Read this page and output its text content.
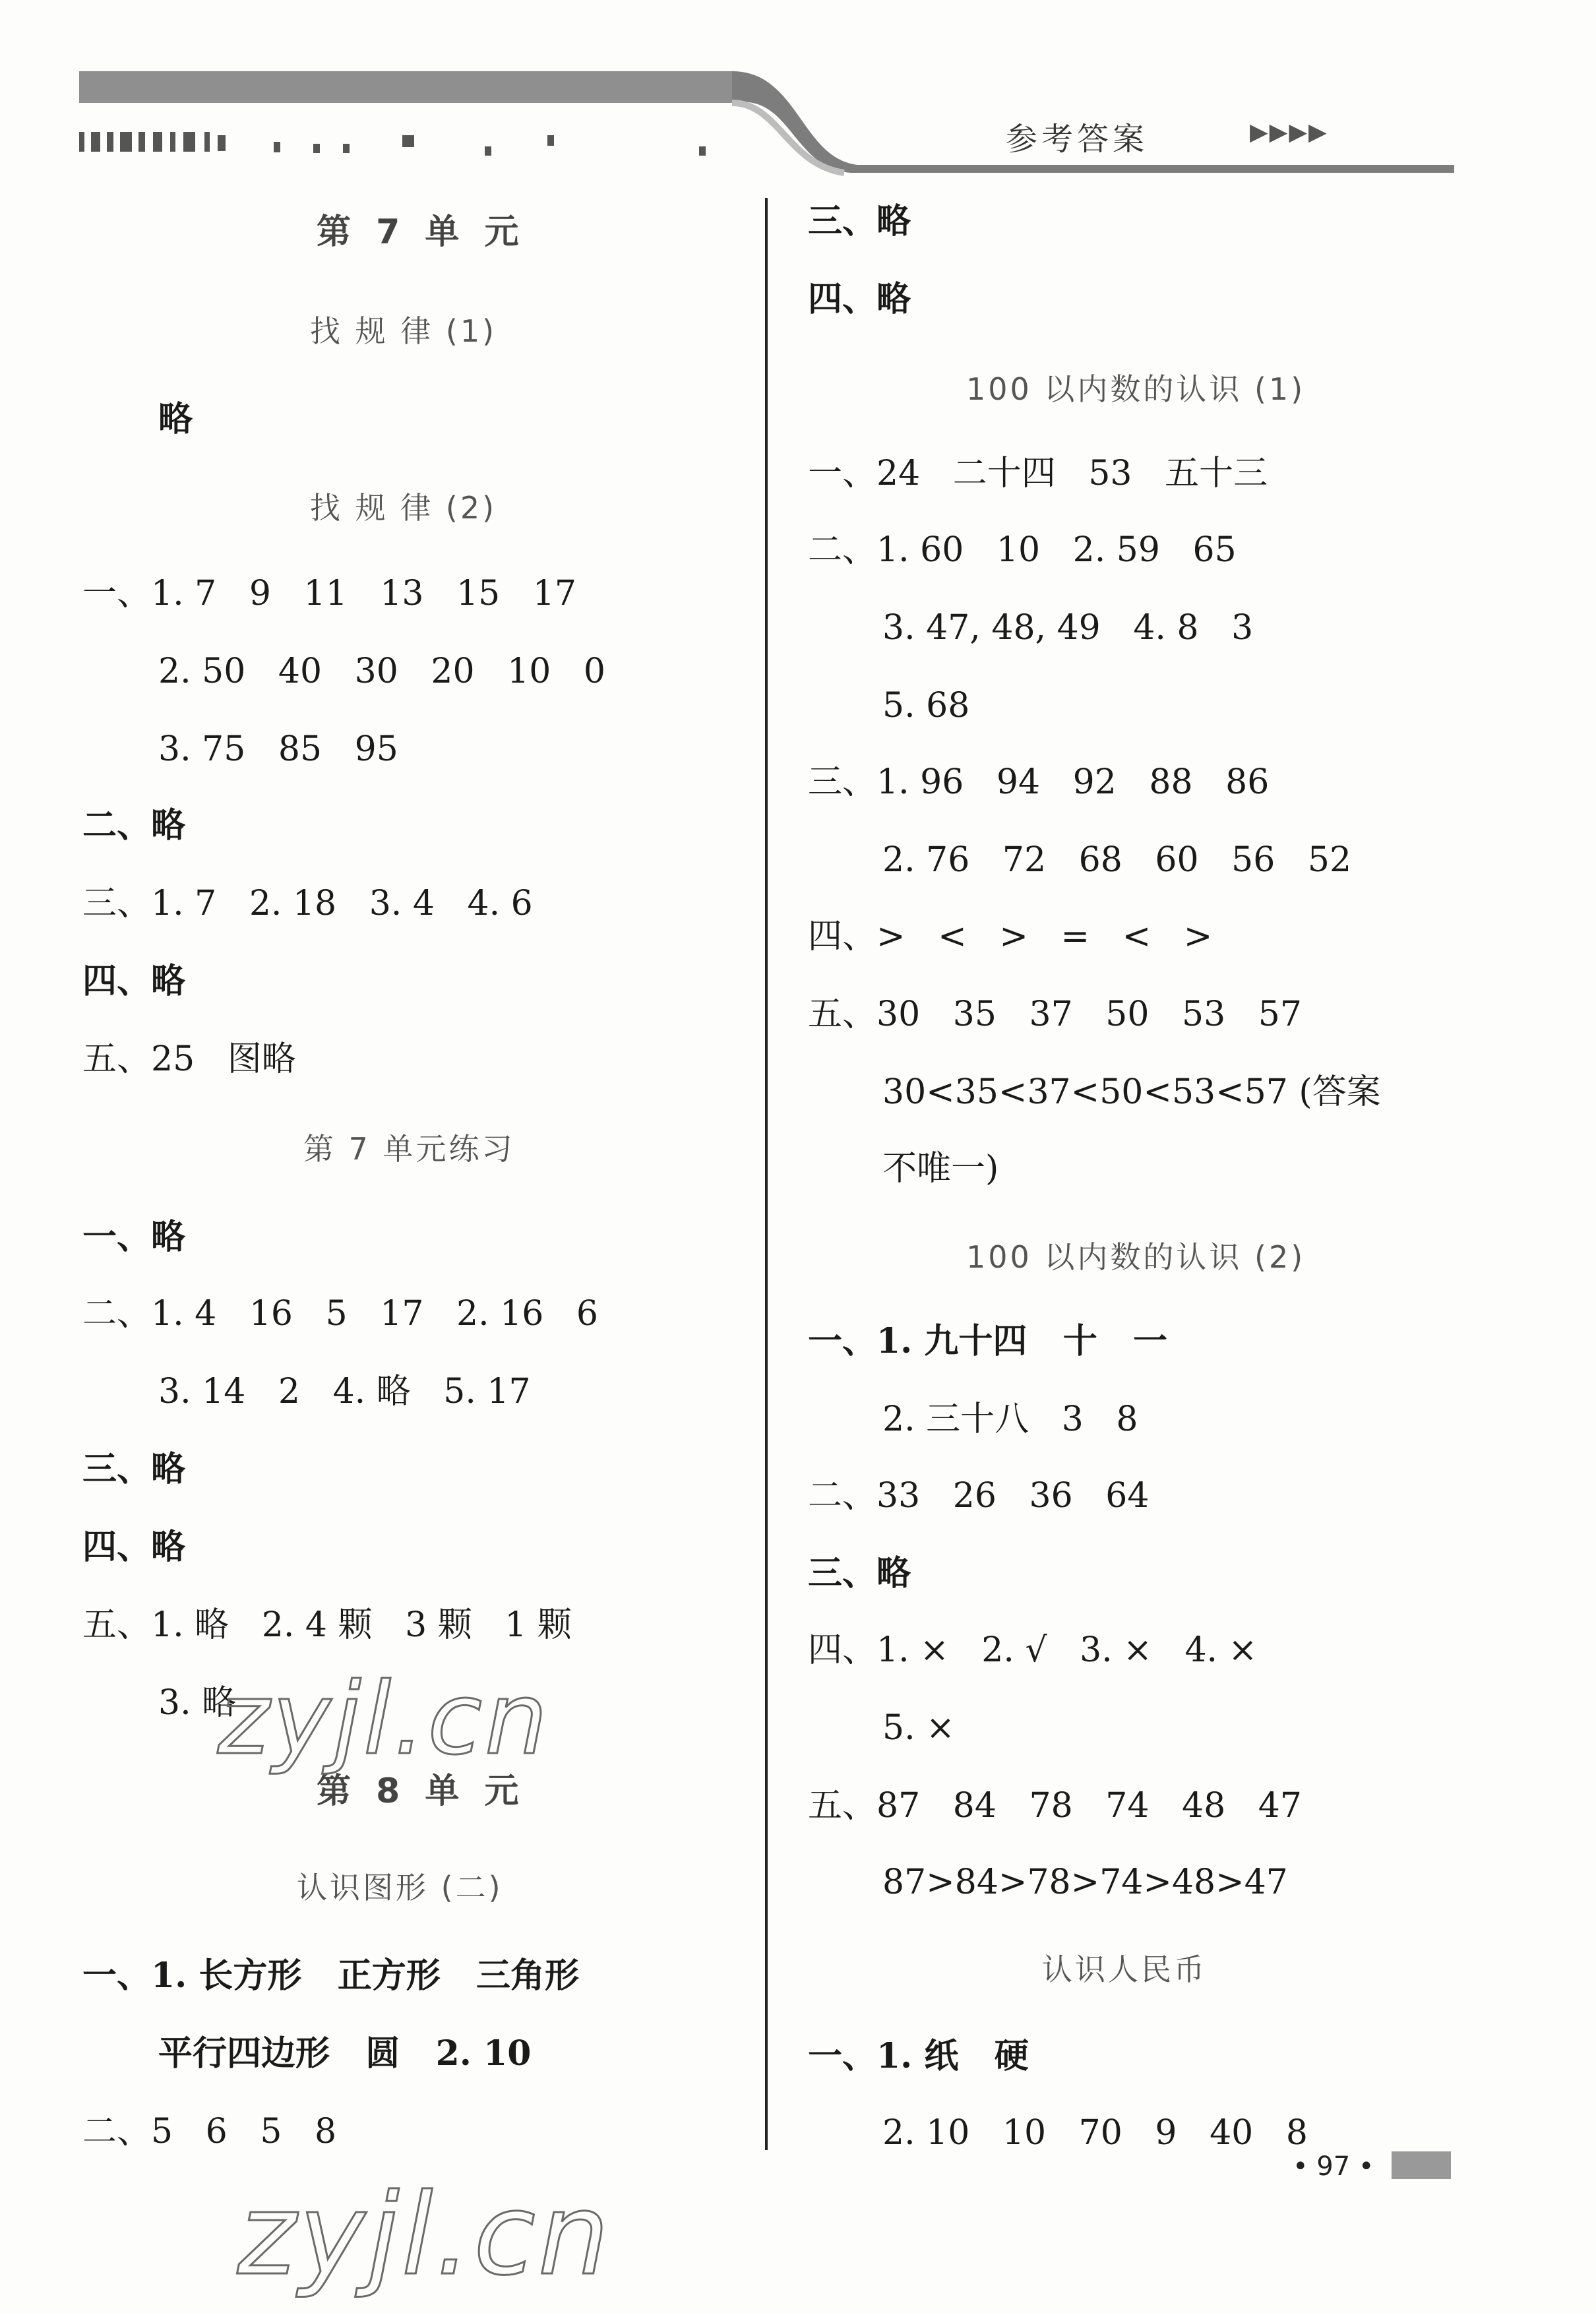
参考答案	▶▶▶▶
第 7 单 元
找 规 律 (1)
略
找 规 律 (2)
一、1. 7   9   11   13   15   17
2. 50   40   30   20   10   0
3. 75   85   95
二、略
三、1. 7   2. 18   3. 4   4. 6
四、略
五、25   图略
第 7 单元练习
一、略
二、1. 4   16   5   17   2. 16   6
3. 14   2   4. 略   5. 17
三、略
四、略
五、1. 略   2. 4 颗   3 颗   1 颗
3. 略
第 8 单 元
认识图形 (二)
一、1. 长方形   正方形   三角形
平行四边形   圆   2. 10
二、5   6   5   8
三、略
四、略
100 以内数的认识 (1)
一、24   二十四   53   五十三
二、1. 60   10   2. 59   65
3. 47, 48, 49   4. 8   3
5. 68
三、1. 96   94   92   88   86
2. 76   72   68   60   56   52
四、>   <   >   =   <   >
五、30   35   37   50   53   57
30<35<37<50<53<57 (答案
不唯一)
100 以内数的认识 (2)
一、1. 九十四   十   一
2. 三十八   3   8
二、33   26   36   64
三、略
四、1. ×   2. √   3. ×   4. ×
5. ×
五、87   84   78   74   48   47
87>84>78>74>48>47
认识人民币
一、1. 纸   硬
2. 10   10   70   9   40   8
zyjl.cn
zyjl.cn
• 97 •
